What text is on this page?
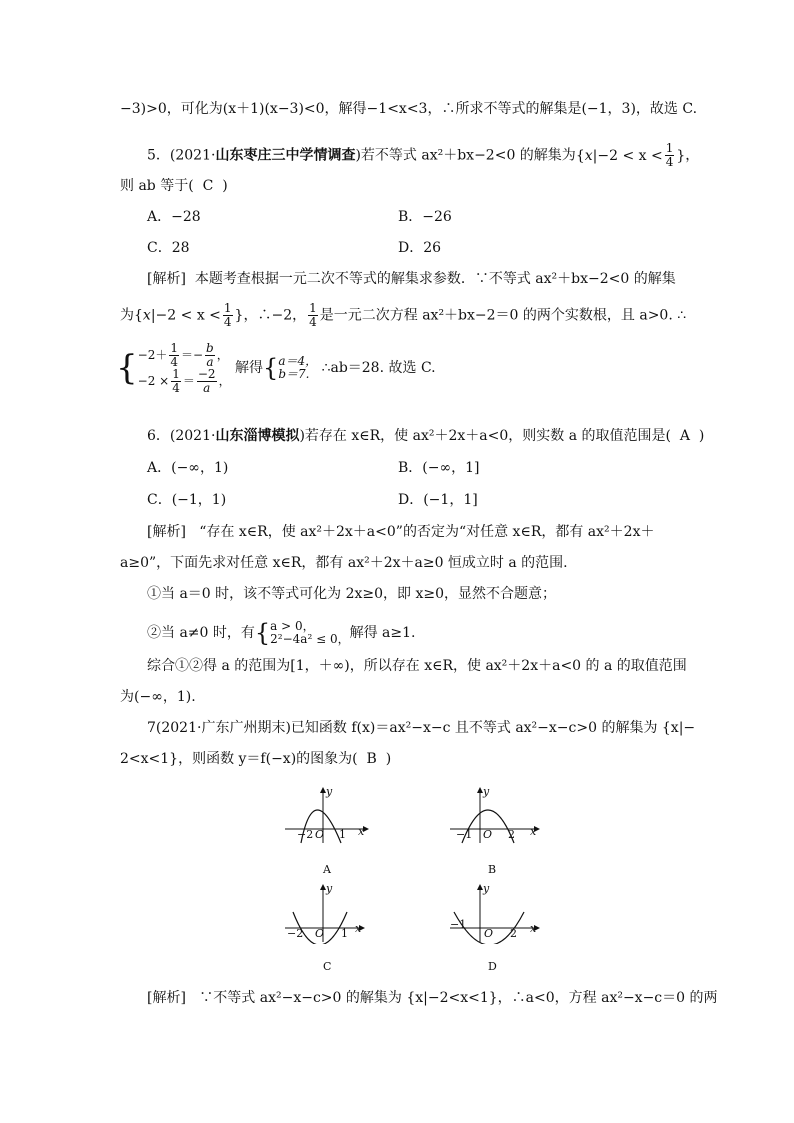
−3)>0，可化为(x＋1)(x−3)<0，解得−1<x<3，∴所求不等式的解集是(−1，3)，故选 C.
5．(2021·山东枣庄三中学情调查)若不等式 ax²＋bx−2<0 的解集为{$x|-2 < x < \frac{1}{4}$ }，
则 ab 等于( C )
A．−28	B．−26
C．28	D．26
[解析] 本题考查根据一元二次不等式的解集求参数．∵不等式 ax²＋bx−2<0 的解集
为{$x|-2 < x < \frac{1}{4}$ }，∴−2， $\frac{1}{4}$ 是一元二次方程 ax²＋bx−2＝0 的两个实数根，且 a>0. ∴
{ $-2+ \frac{1}{4} =- \frac{b}{a}$ ，
$-2 \times \frac{1}{4} = \frac{-2}{a}$ ，
解得{ a＝4，
b＝7. ∴ab＝28. 故选 C.
6．(2021·山东淄博模拟)若存在 x∈R，使 ax²＋2x＋a<0，则实数 a 的取值范围是( A )
A．(−∞，1)	B．(−∞，1]
C．(−1，1)	D．(−1，1]
[解析] “存在 x∈R，使 ax²＋2x＋a<0”的否定为“对任意 x∈R，都有 ax²＋2x＋
a≥0”，下面先求对任意 x∈R，都有 ax²＋2x＋a≥0 恒成立时 a 的范围.
①当 a＝0 时，该不等式可化为 2x≥0，即 x≥0，显然不合题意；
②当 a≠0 时，有{ a > 0，
2²−4a² ≤ 0， 解得 a≥1.
综合①②得 a 的范围为[1，＋∞)，所以存在 x∈R，使 ax²＋2x＋a<0 的 a 的取值范围
为(−∞，1).
7(2021·广东广州期末)已知函数 f(x)＝ax²−x−c 且不等式 ax²−x−c>0 的解集为 {x|−
2<x<1}，则函数 y＝f(−x)的图象为( B )
y
x
−2 O 1
A
y
x
−1 O 2
B
y
x
−2 O 1
C
y
x
−1
O 2
D
[解析] ∵不等式 ax²−x−c>0 的解集为 {x|−2<x<1}，∴a<0，方程 ax²−x−c＝0 的两
